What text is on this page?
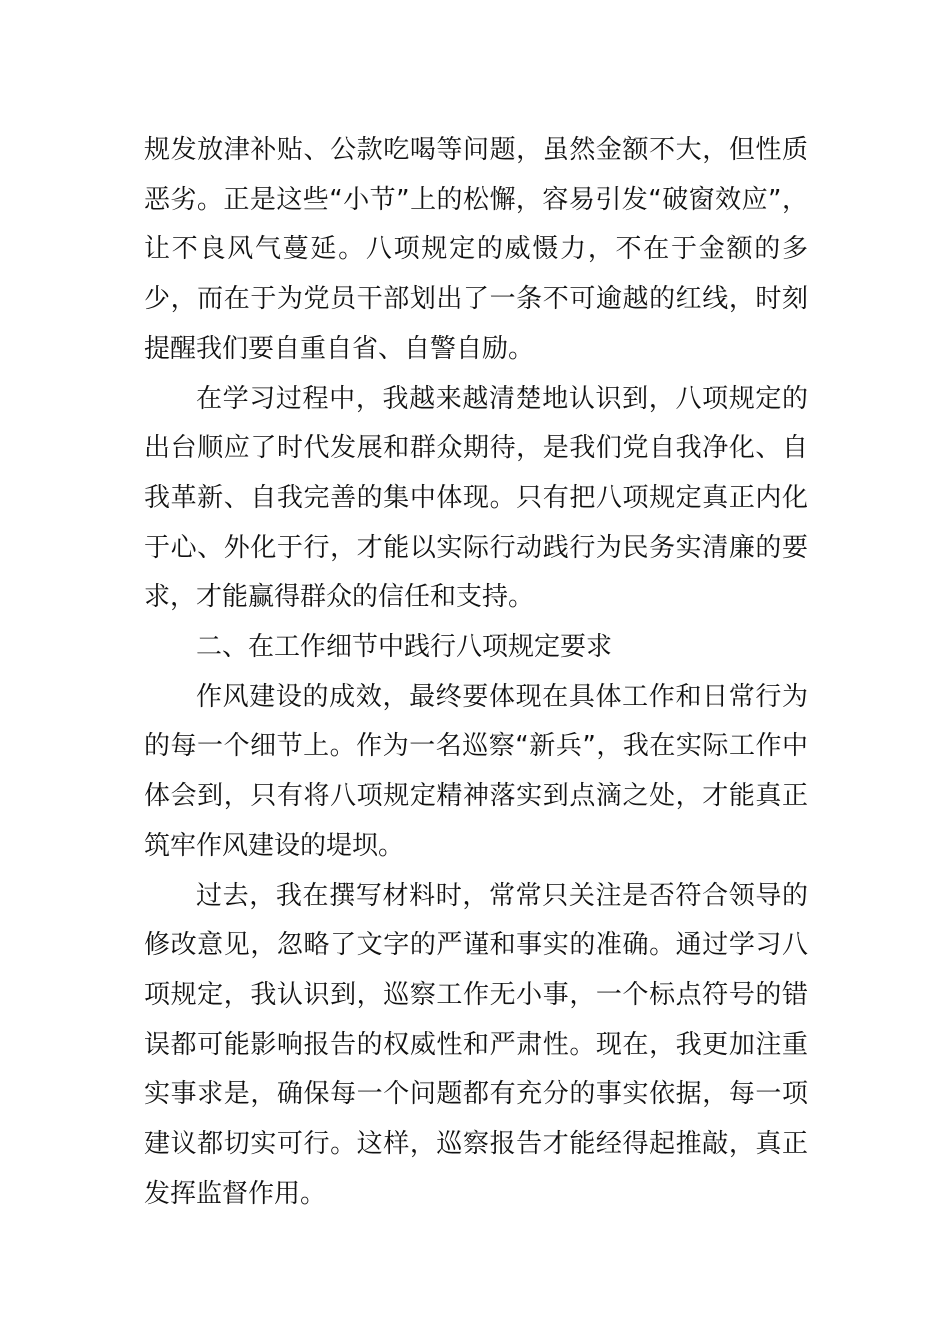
规发放津补贴、公款吃喝等问题，虽然金额不大，但性质恶劣。正是这些“小节”上的松懈，容易引发“破窗效应”，让不良风气蔓延。八项规定的威慑力，不在于金额的多少，而在于为党员干部划出了一条不可逾越的红线，时刻提醒我们要自重自省、自警自励。

在学习过程中，我越来越清楚地认识到，八项规定的出台顺应了时代发展和群众期待，是我们党自我净化、自我革新、自我完善的集中体现。只有把八项规定真正内化于心、外化于行，才能以实际行动践行为民务实清廉的要求，才能赢得群众的信任和支持。

二、在工作细节中践行八项规定要求

作风建设的成效，最终要体现在具体工作和日常行为的每一个细节上。作为一名巡察“新兵”，我在实际工作中体会到，只有将八项规定精神落实到点滴之处，才能真正筑牢作风建设的堤坝。

过去，我在撰写材料时，常常只关注是否符合领导的修改意见，忽略了文字的严谨和事实的准确。通过学习八项规定，我认识到，巡察工作无小事，一个标点符号的错误都可能影响报告的权威性和严肃性。现在，我更加注重实事求是，确保每一个问题都有充分的事实依据，每一项建议都切实可行。这样，巡察报告才能经得起推敲，真正发挥监督作用。
